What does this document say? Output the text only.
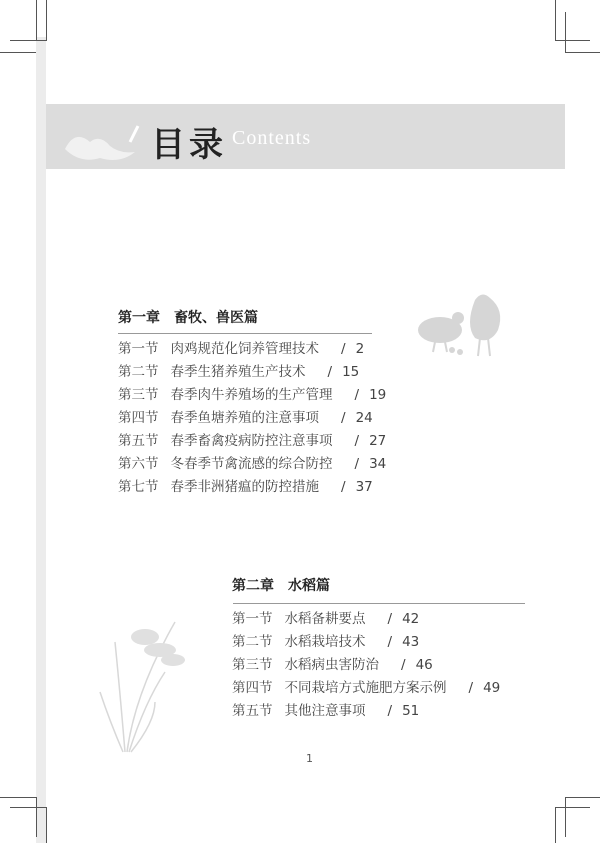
目录 Contents
第一章 畜牧、兽医篇
第一节 肉鸡规范化饲养管理技术 / 2
第二节 春季生猪养殖生产技术 / 15
第三节 春季肉牛养殖场的生产管理 / 19
第四节 春季鱼塘养殖的注意事项 / 24
第五节 春季畜禽疫病防控注意事项 / 27
第六节 冬春季节禽流感的综合防控 / 34
第七节 春季非洲猪瘟的防控措施 / 37
第二章 水稻篇
第一节 水稻备耕要点 / 42
第二节 水稻栽培技术 / 43
第三节 水稻病虫害防治 / 46
第四节 不同栽培方式施肥方案示例 / 49
第五节 其他注意事项 / 51
1
